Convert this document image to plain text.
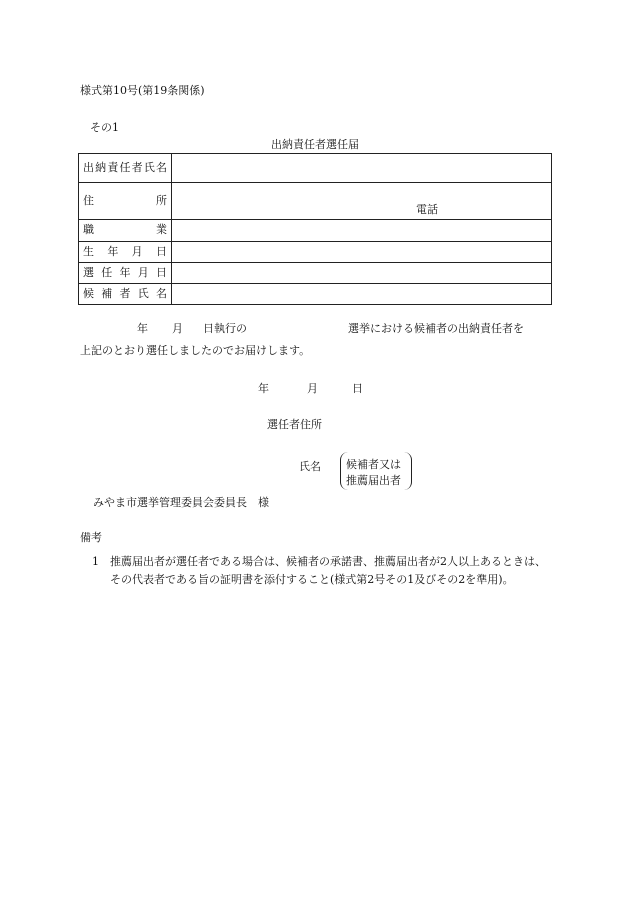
様式第10号(第19条関係)
その1
出納責任者選任届
出納責任者氏名	
住所	電話

職業	
生年月日	
選任年月日	
候補者氏名	
年 月 日執行の	選挙における候補者の出納責任者を
上記のとおり選任しましたのでお届けします。
年	月	日
選任者住所
氏名 候補者又は
推薦届出者
みやま市選挙管理委員会委員長　様
備考
1	推薦届出者が選任者である場合は、候補者の承諾書、推薦届出者が2人以上あるときは、その代表者である旨の証明書を添付すること(様式第2号その1及びその2を準用)。
